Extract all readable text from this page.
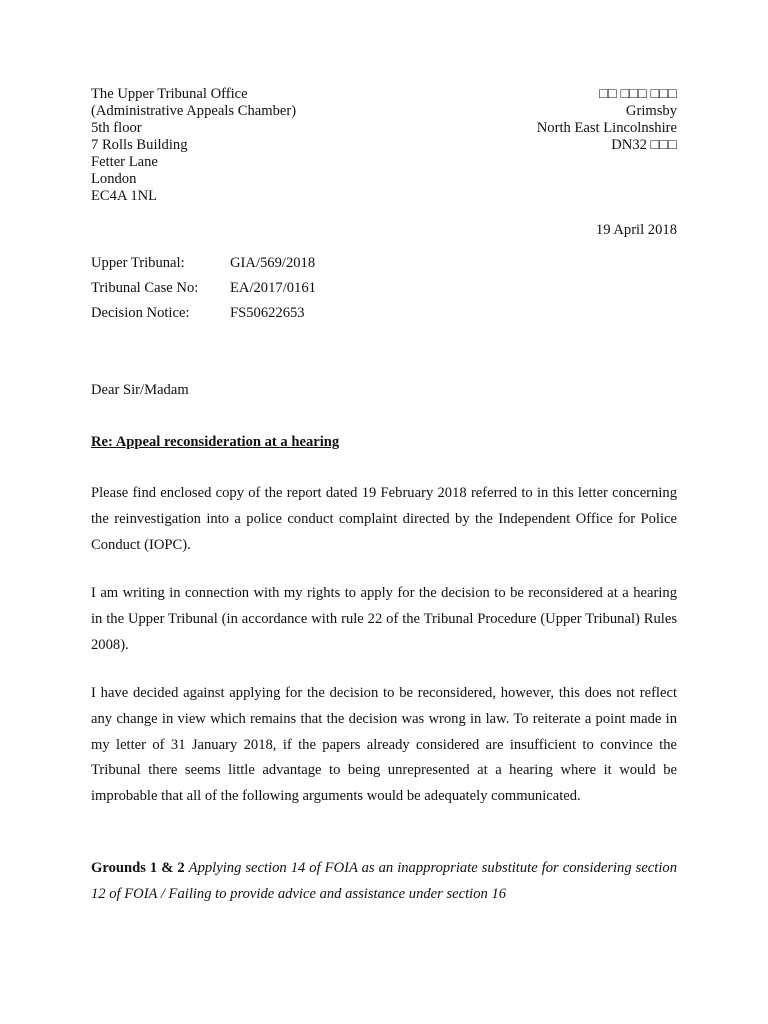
The Upper Tribunal Office
(Administrative Appeals Chamber)
5th floor
7 Rolls Building
Fetter Lane
London
EC4A 1NL
□□ □□□ □□□
Grimsby
North East Lincolnshire
DN32 □□□
19 April 2018
Upper Tribunal:	GIA/569/2018
Tribunal Case No:	EA/2017/0161
Decision Notice:	FS50622653
Dear Sir/Madam
Re: Appeal reconsideration at a hearing

Please find enclosed copy of the report dated 19 February 2018 referred to in this letter concerning the reinvestigation into a police conduct complaint directed by the Independent Office for Police Conduct (IOPC).

I am writing in connection with my rights to apply for the decision to be reconsidered at a hearing in the Upper Tribunal (in accordance with rule 22 of the Tribunal Procedure (Upper Tribunal) Rules 2008).

I have decided against applying for the decision to be reconsidered, however, this does not reflect any change in view which remains that the decision was wrong in law. To reiterate a point made in my letter of 31 January 2018, if the papers already considered are insufficient to convince the Tribunal there seems little advantage to being unrepresented at a hearing where it would be improbable that all of the following arguments would be adequately communicated.

Grounds 1 & 2 Applying section 14 of FOIA as an inappropriate substitute for considering section 12 of FOIA / Failing to provide advice and assistance under section 16
